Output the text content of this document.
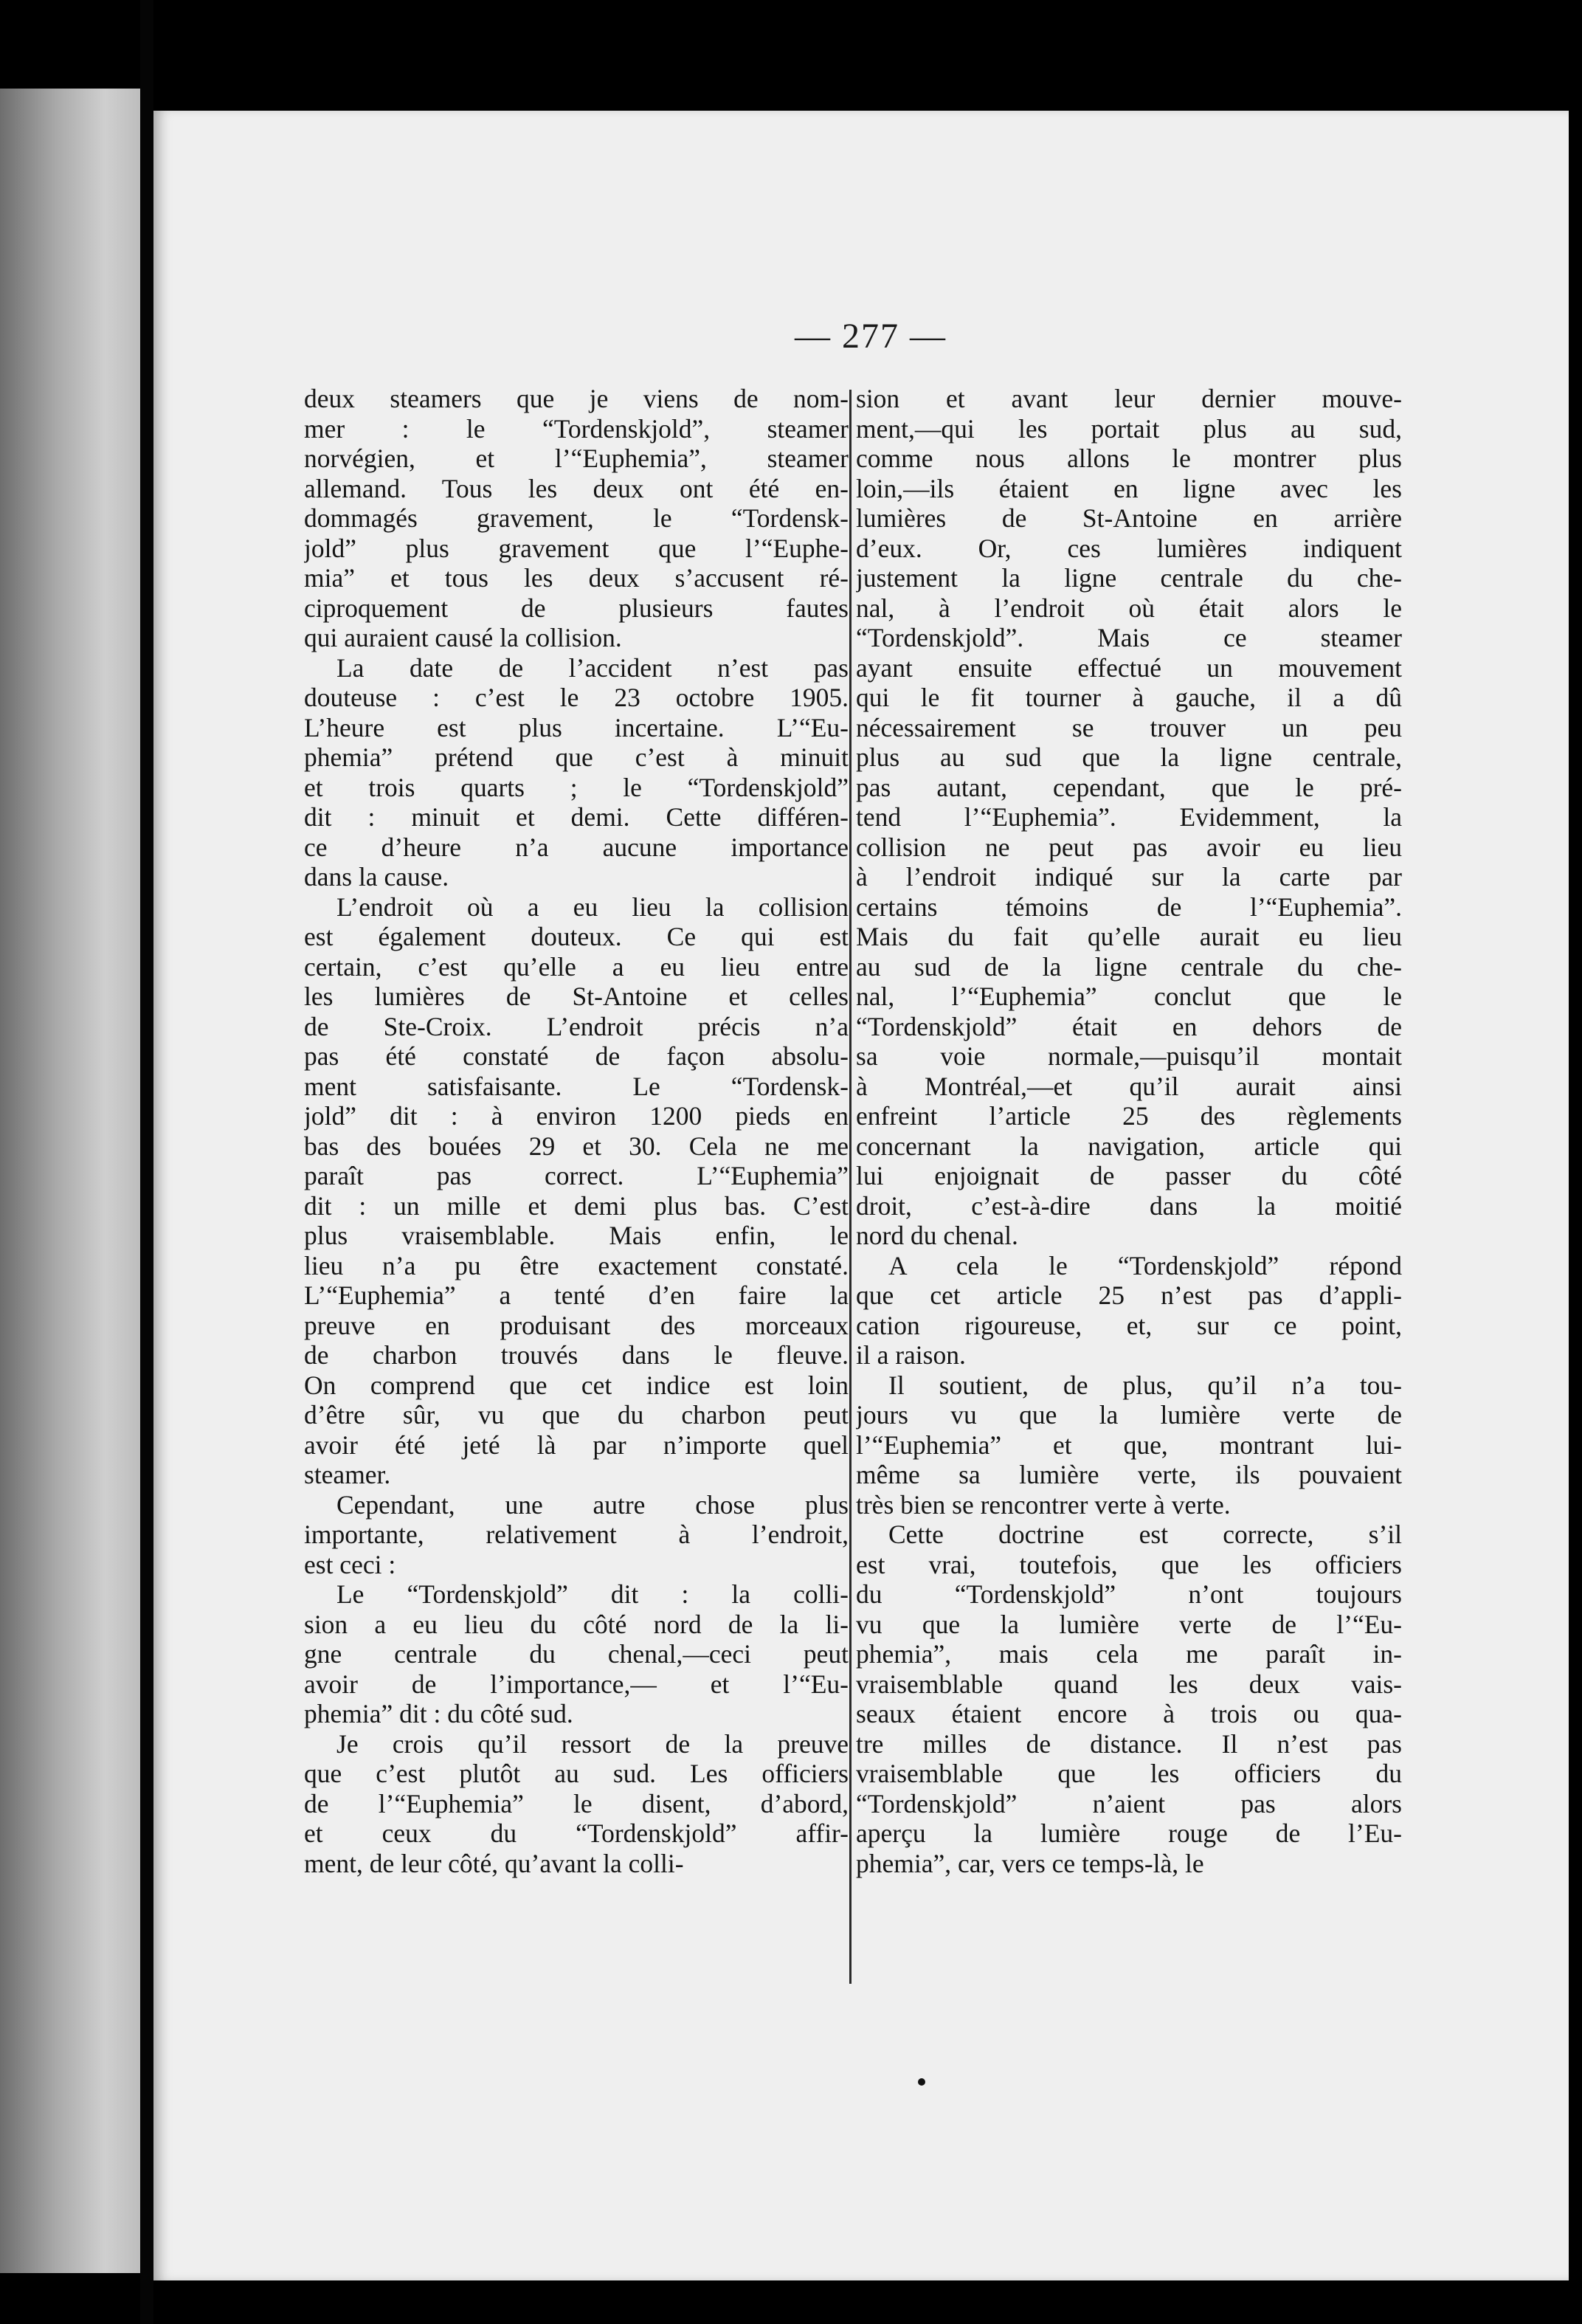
— 277 —
deux steamers que je viens de nom-
mer : le “Tordenskjold”, steamer
norvégien, et l’“Euphemia”, steamer
allemand. Tous les deux ont été en-
dommagés gravement, le “Tordensk-
jold” plus gravement que l’“Euphe-
mia” et tous les deux s’accusent ré-
ciproquement de plusieurs fautes
qui auraient causé la collision.
La date de l’accident n’est pas
douteuse : c’est le 23 octobre 1905.
L’heure est plus incertaine. L’“Eu-
phemia” prétend que c’est à minuit
et trois quarts ; le “Tordenskjold”
dit : minuit et demi. Cette différen-
ce d’heure n’a aucune importance
dans la cause.
L’endroit où a eu lieu la collision
est également douteux. Ce qui est
certain, c’est qu’elle a eu lieu entre
les lumières de St-Antoine et celles
de Ste-Croix. L’endroit précis n’a
pas été constaté de façon absolu-
ment satisfaisante. Le “Tordensk-
jold” dit : à environ 1200 pieds en
bas des bouées 29 et 30. Cela ne me
paraît pas correct. L’“Euphemia”
dit : un mille et demi plus bas. C’est
plus vraisemblable. Mais enfin, le
lieu n’a pu être exactement constaté.
L’“Euphemia” a tenté d’en faire la
preuve en produisant des morceaux
de charbon trouvés dans le fleuve.
On comprend que cet indice est loin
d’être sûr, vu que du charbon peut
avoir été jeté là par n’importe quel
steamer.
Cependant, une autre chose plus
importante, relativement à l’endroit,
est ceci :
Le “Tordenskjold” dit : la colli-
sion a eu lieu du côté nord de la li-
gne centrale du chenal,—ceci peut
avoir de l’importance,— et l’“Eu-
phemia” dit : du côté sud.
Je crois qu’il ressort de la preuve
que c’est plutôt au sud. Les officiers
de l’“Euphemia” le disent, d’abord,
et ceux du “Tordenskjold” affir-
ment, de leur côté, qu’avant la colli-
sion et avant leur dernier mouve-
ment,—qui les portait plus au sud,
comme nous allons le montrer plus
loin,—ils étaient en ligne avec les
lumières de St-Antoine en arrière
d’eux. Or, ces lumières indiquent
justement la ligne centrale du che-
nal, à l’endroit où était alors le
“Tordenskjold”. Mais ce steamer
ayant ensuite effectué un mouvement
qui le fit tourner à gauche, il a dû
nécessairement se trouver un peu
plus au sud que la ligne centrale,
pas autant, cependant, que le pré-
tend l’“Euphemia”. Evidemment, la
collision ne peut pas avoir eu lieu
à l’endroit indiqué sur la carte par
certains témoins de l’“Euphemia”.
Mais du fait qu’elle aurait eu lieu
au sud de la ligne centrale du che-
nal, l’“Euphemia” conclut que le
“Tordenskjold” était en dehors de
sa voie normale,—puisqu’il montait
à Montréal,—et qu’il aurait ainsi
enfreint l’article 25 des règlements
concernant la navigation, article qui
lui enjoignait de passer du côté
droit, c’est-à-dire dans la moitié
nord du chenal.
A cela le “Tordenskjold” répond
que cet article 25 n’est pas d’appli-
cation rigoureuse, et, sur ce point,
il a raison.
Il soutient, de plus, qu’il n’a tou-
jours vu que la lumière verte de
l’“Euphemia” et que, montrant lui-
même sa lumière verte, ils pouvaient
très bien se rencontrer verte à verte.
Cette doctrine est correcte, s’il
est vrai, toutefois, que les officiers
du “Tordenskjold” n’ont toujours
vu que la lumière verte de l’“Eu-
phemia”, mais cela me paraît in-
vraisemblable quand les deux vais-
seaux étaient encore à trois ou qua-
tre milles de distance. Il n’est pas
vraisemblable que les officiers du
“Tordenskjold” n’aient pas alors
aperçu la lumière rouge de l’Eu-
phemia”, car, vers ce temps-là, le
